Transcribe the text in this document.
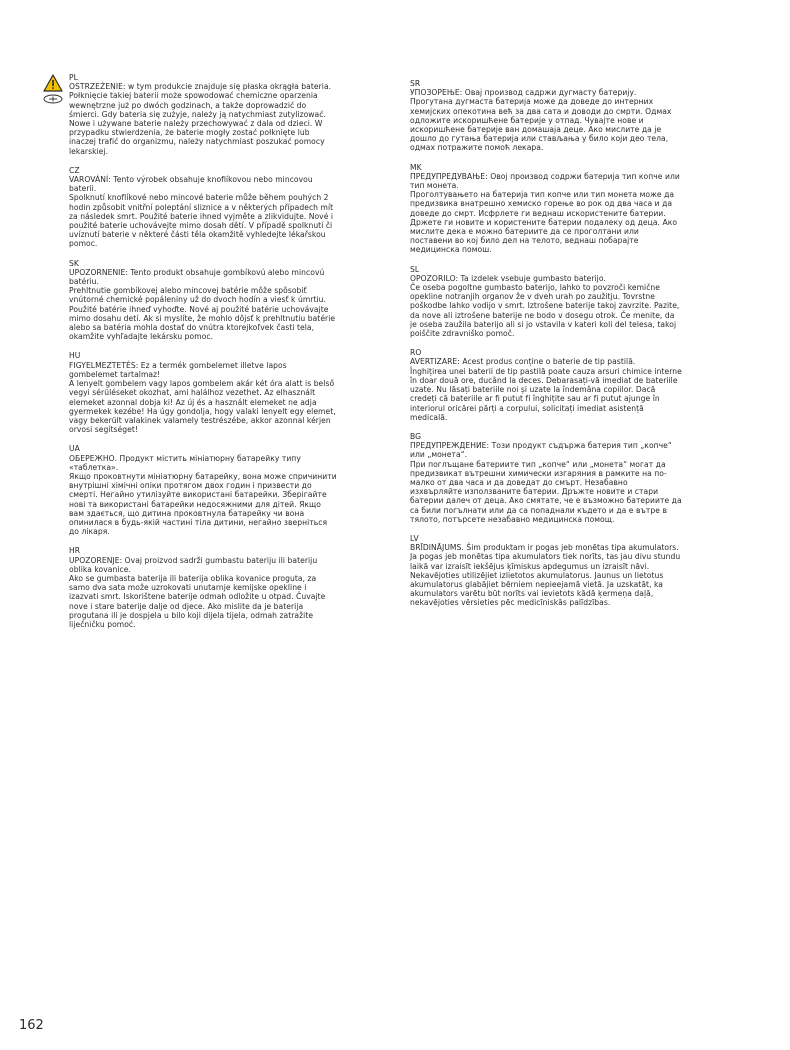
PL

OSTRZEŻENIE: w tym produkcie znajduje się płaska okrągła bateria.

Połknięcie takiej baterii może spowodować chemiczne oparzenia wewnętrzne już po dwóch godzinach, a także doprowadzić do śmierci. Gdy bateria się zużyje, należy ją natychmiast zutylizować. Nowe i używane baterie należy przechowywać z dala od dzieci. W przypadku stwierdzenia, że baterie mogły zostać połknięte lub inaczej trafić do organizmu, należy natychmiast poszukać pomocy lekarskiej.

CZ

VAROVÁNÍ: Tento výrobek obsahuje knoflíkovou nebo mincovou baterii.

Spolknutí knoflíkové nebo mincové baterie může během pouhých 2 hodin způsobit vnitřní poleptání sliznice a v některých případech mít za následek smrt. Použité baterie ihned vyjměte a zlikvidujte. Nové i použité baterie uchovávejte mimo dosah dětí. V případě spolknutí či uvíznutí baterie v některé části těla okamžitě vyhledejte lékařskou pomoc.

SK

UPOZORNENIE: Tento produkt obsahuje gombíkovú alebo mincovú batériu.

Prehltnutie gombíkovej alebo mincovej batérie môže spôsobiť vnútorné chemické popáleniny už do dvoch hodín a viesť k úmrtiu. Použité batérie ihneď vyhoďte. Nové aj použité batérie uchovávajte mimo dosahu detí. Ak si myslíte, že mohlo dôjsť k prehltnutiu batérie alebo sa batéria mohla dostať do vnútra ktorejkoľvek časti tela, okamžite vyhľadajte lekársku pomoc.

HU

FIGYELMEZTETÉS: Ez a termék gombelemet illetve lapos gombelemet tartalmaz!

A lenyelt gombelem vagy lapos gombelem akár két óra alatt is belső vegyi sérüléseket okozhat, ami halálhoz vezethet. Az elhasznált elemeket azonnal dobja ki! Az új és a használt elemeket ne adja gyermekek kezébe! Ha úgy gondolja, hogy valaki lenyelt egy elemet, vagy bekerült valakinek valamely testrészébe, akkor azonnal kérjen orvosi segítséget!

UA

ОБЕРЕЖНО. Продукт містить мініатюрну батарейку типу «таблетка».

Якщо проковтнути мініатюрну батарейку, вона може спричинити внутрішні хімічні опіки протягом двох годин і призвести до смерті. Негайно утилізуйте використані батарейки. Зберігайте нові та використані батарейки недосяжними для дітей. Якщо вам здається, що дитина проковтнула батарейку чи вона опинилася в будь-якій частині тіла дитини, негайно зверніться до лікаря.

HR

UPOZORENJE: Ovaj proizvod sadrži gumbastu bateriju ili bateriju oblika kovanice.

Ako se gumbasta baterija ili baterija oblika kovanice progutа, za samo dva sata može uzrokovati unutarnje kemijske opekline i izazvati smrt. Iskorištene baterije odmah odložite u otpad. Čuvajte nove i stare baterije dalje od djece. Ako mislite da je baterija progutana ili je dospjela u bilo koji dijela tijela, odmah zatražite liječničku pomoć.

SR

УПОЗОРЕЊЕ: Овај производ садржи дугмасту батерију.

Прогутана дугмаста батерија може да доведе до интерних хемијских опекотина већ за два сата и доводи до смрти. Одмах одложите искоришћене батерије у отпад. Чувајте нове и искоришћене батерије ван домашаја деце. Ако мислите да је дошло до гутања батерија или стављања у било који део тела, одмах потражите помоћ лекара.

MK

ПРЕДУПРЕДУВАЊЕ: Овој производ содржи батерија тип копче или тип монета.

Проголтувањето на батерија тип копче или тип монета може да предизвика внатрешно хемиско горење во рок од два часа и да доведе до смрт. Исфрлете ги веднаш искористените батерии. Држете ги новите и користените батерии подалеку од деца. Ако мислите дека е можно батериите да се проголтани или поставени во кој било дел на телото, веднаш побарајте медицинска помош.

SL

OPOZORILO: Ta izdelek vsebuje gumbasto baterijo.

Če oseba pogoltne gumbasto baterijo, lahko to povzroči kemične opekline notranjih organov že v dveh urah po zaužitju. Tovrstne poškodbe lahko vodijo v smrt. Iztrošene baterije takoj zavrzite. Pazite, da nove ali iztrošene baterije ne bodo v dosegu otrok. Če menite, da je oseba zaužila baterijo ali si jo vstavila v kateri koli del telesa, takoj poiščite zdravniško pomoč.

RO

AVERTIZARE: Acest produs conține o baterie de tip pastilă.

Înghițirea unei baterii de tip pastilă poate cauza arsuri chimice interne în doar două ore, ducând la deces. Debarasați-vă imediat de bateriile uzate. Nu lăsați bateriile noi și uzate la îndemâna copiilor. Dacă credeți că bateriile ar fi putut fi înghițite sau ar fi putut ajunge în interiorul oricărei părți a corpului, solicitați imediat asistență medicală.

BG

ПРЕДУПРЕЖДЕНИЕ: Този продукт съдържа батерия тип „копче“ или „монета“.

При поглъщане батериите тип „копче“ или „монета“ могат да предизвикат вътрешни химически изгаряния в рамките на по-малко от два часа и да доведат до смърт. Незабавно изхвърляйте използваните батерии. Дръжте новите и стари батерии далеч от деца. Ако смятате, че е възможно батериите да са били погълнати или да са попаднали където и да е вътре в тялото, потърсете незабавно медицинска помощ.

LV

BRĪDINĀJUMS. Šim produktam ir pogas jeb monētas tipa akumulators.

Ja pogas jeb monētas tipa akumulators tiek norīts, tas jau divu stundu laikā var izraisīt iekšējus ķīmiskus apdegumus un izraisīt nāvi. Nekavējoties utilizējiet izlietotos akumulatorus. Jaunus un lietotus akumulatorus glabājiet bērniem nepieejamā vietā. Ja uzskatāt, ka akumulators varētu būt norīts vai ievietots kādā ķermeņa daļā, nekavējoties vērsieties pēc medicīniskās palīdzības.

162
